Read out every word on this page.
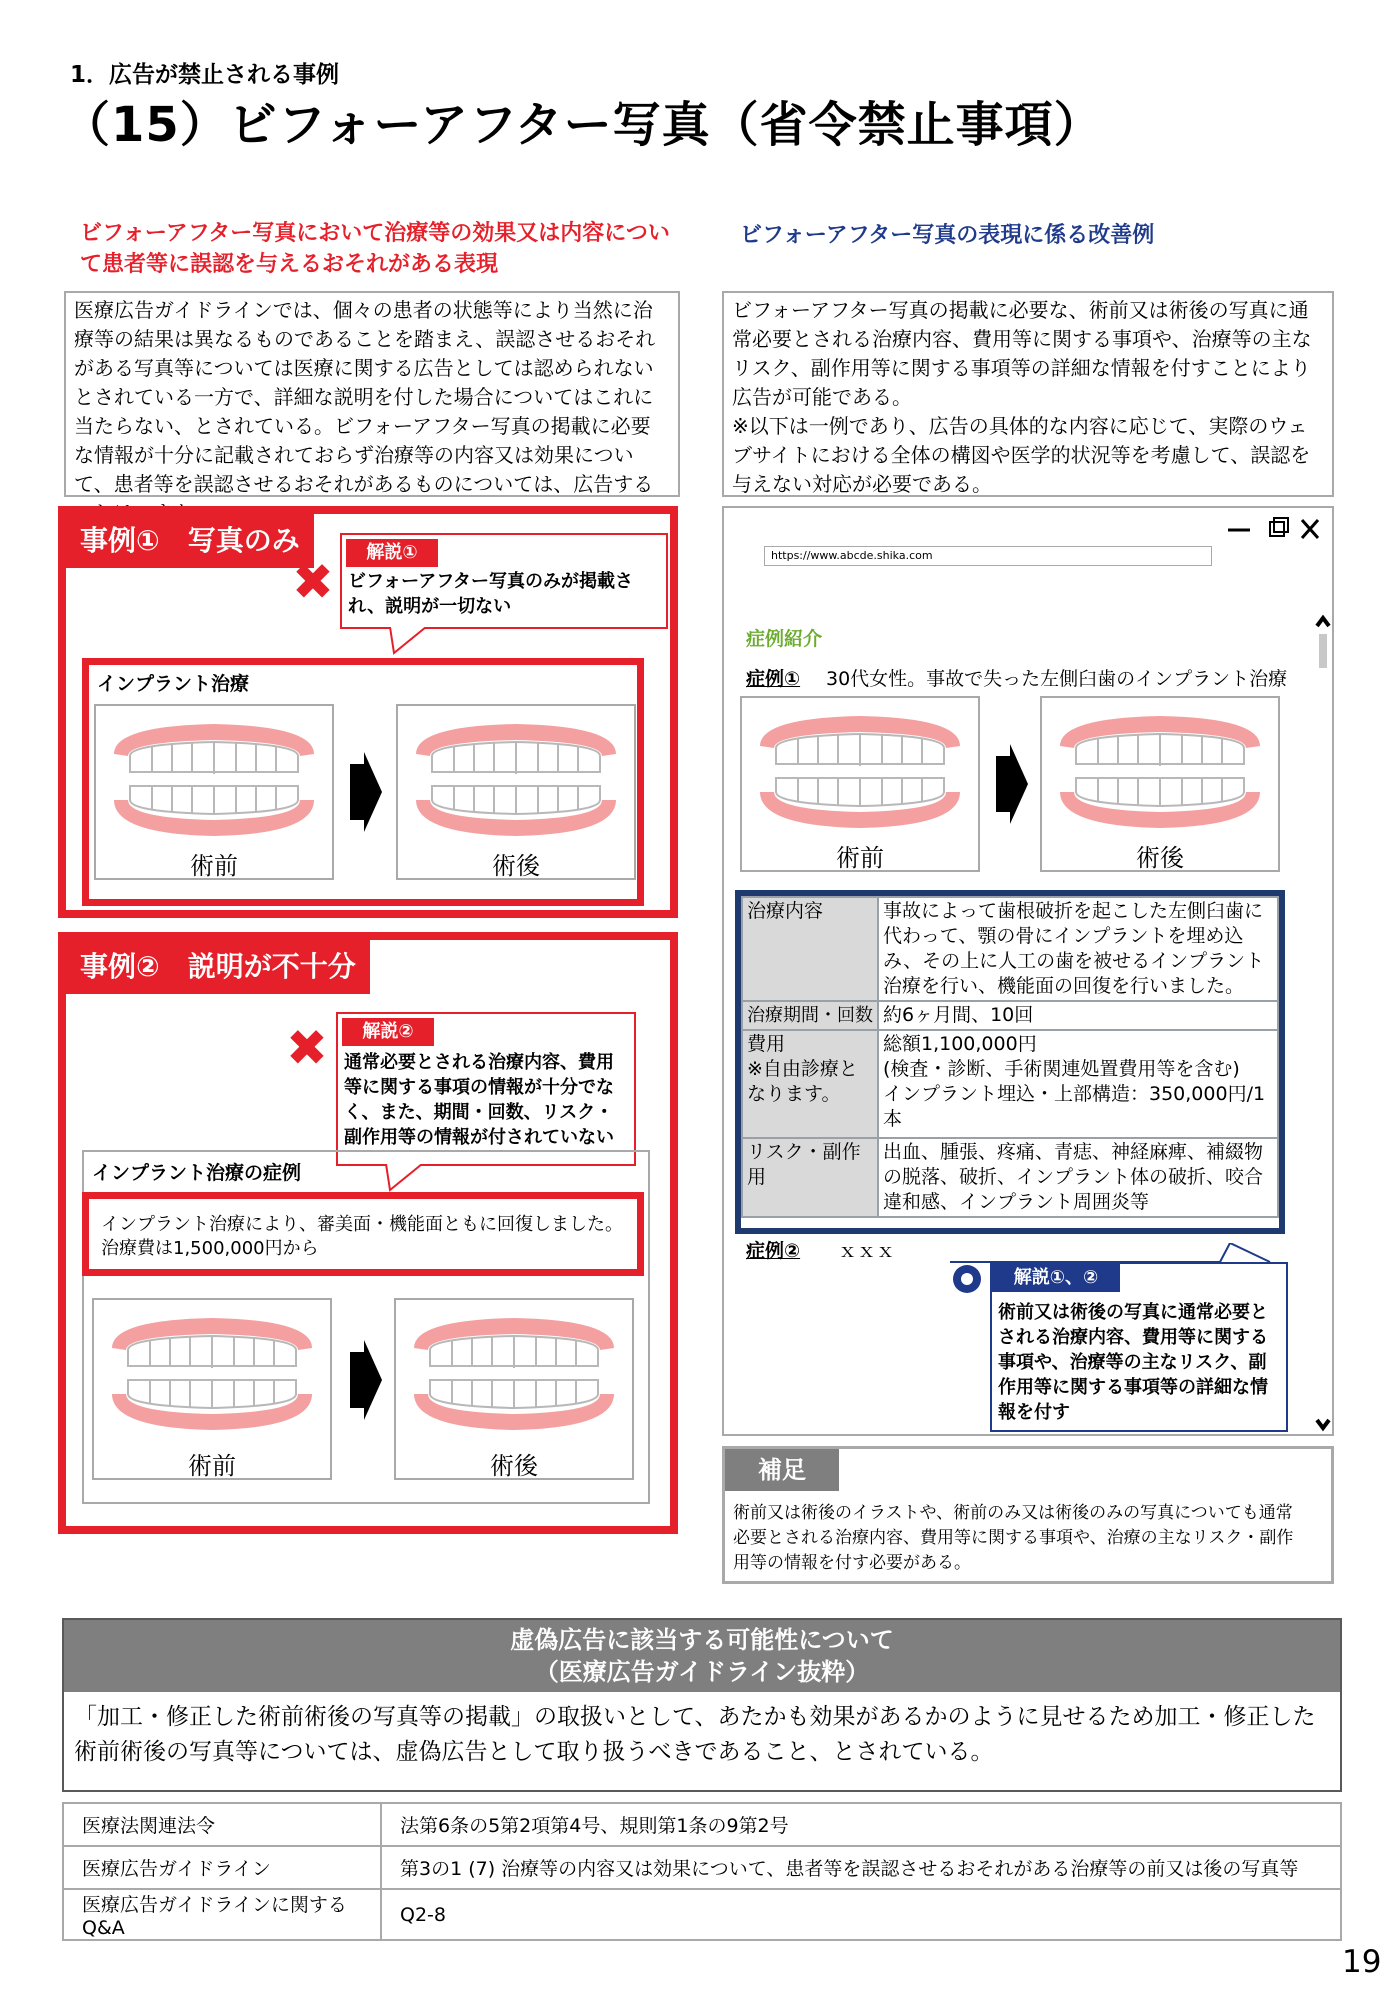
1．広告が禁止される事例
（15）ビフォーアフター写真（省令禁止事項）
ビフォーアフター写真において治療等の効果又は内容について患者等に誤認を与えるおそれがある表現
ビフォーアフター写真の表現に係る改善例
医療広告ガイドラインでは、個々の患者の状態等により当然に治療等の結果は異なるものであることを踏まえ、誤認させるおそれがある写真等については医療に関する広告としては認められないとされている一方で、詳細な説明を付した場合についてはこれに当たらない、とされている。ビフォーアフター写真の掲載に必要な情報が十分に記載されておらず治療等の内容又は効果について、患者等を誤認させるおそれがあるものについては、広告する
ビフォーアフター写真の掲載に必要な、術前又は術後の写真に通常必要とされる治療内容、費用等に関する事項や、治療等の主なリスク、副作用等に関する事項等の詳細な情報を付すことにより広告が可能である。
※以下は一例であり、広告の具体的な内容に応じて、実際のウェブサイトにおける全体の構図や医学的状況等を考慮して、誤認を与えない対応が必要である。
事例①　写真のみ
✖
解説①
ビフォーアフター写真のみが掲載され、説明が一切ない
インプラント治療
術前	術後
事例②　説明が不十分
✖	解説②
通常必要とされる治療内容、費用等に関する事項の情報が十分でなく、また、期間・回数、リスク・副作用等の情報が付されていない
インプラント治療の症例
インプラント治療により、審美面・機能面ともに回復しました。
治療費は1,500,000円から
術前	術後
https://www.abcde.shika.com
症例紹介
症例① 30代女性。事故で失った左側臼歯のインプラント治療
術前	術後
治療内容	事故によって歯根破折を起こした左側臼歯に代わって、顎の骨にインプラントを埋め込み、その上に人工の歯を被せるインプラント治療を行い、機能面の回復を行いました。
治療期間・回数	約6ヶ月間、10回
費用
※自由診療となります。	総額1,100,000円
(検査・診断、手術関連処置費用等を含む)
インプラント埋込・上部構造：350,000円/1本
リスク・副作用	出血、腫張、疼痛、青痣、神経麻痺、補綴物の脱落、破折、インプラント体の破折、咬合違和感、インプラント周囲炎等
症例② ｘｘｘ
解説①、②
術前又は術後の写真に通常必要とされる治療内容、費用等に関する事項や、治療等の主なリスク、副作用等に関する事項等の詳細な情報を付す
補足
術前又は術後のイラストや、術前のみ又は術後のみの写真についても通常必要とされる治療内容、費用等に関する事項や、治療の主なリスク・副作用等の情報を付す必要がある。
虚偽広告に該当する可能性について
（医療広告ガイドライン抜粋）
「加工・修正した術前術後の写真等の掲載」の取扱いとして、あたかも効果があるかのように見せるため加工・修正した術前術後の写真等については、虚偽広告として取り扱うべきであること、とされている。
医療法関連法令	法第6条の5第2項第4号、規則第1条の9第2号
医療広告ガイドライン	第3の1 (7) 治療等の内容又は効果について、患者等を誤認させるおそれがある治療等の前又は後の写真等
医療広告ガイドラインに関するQ&A	Q2-8
19
